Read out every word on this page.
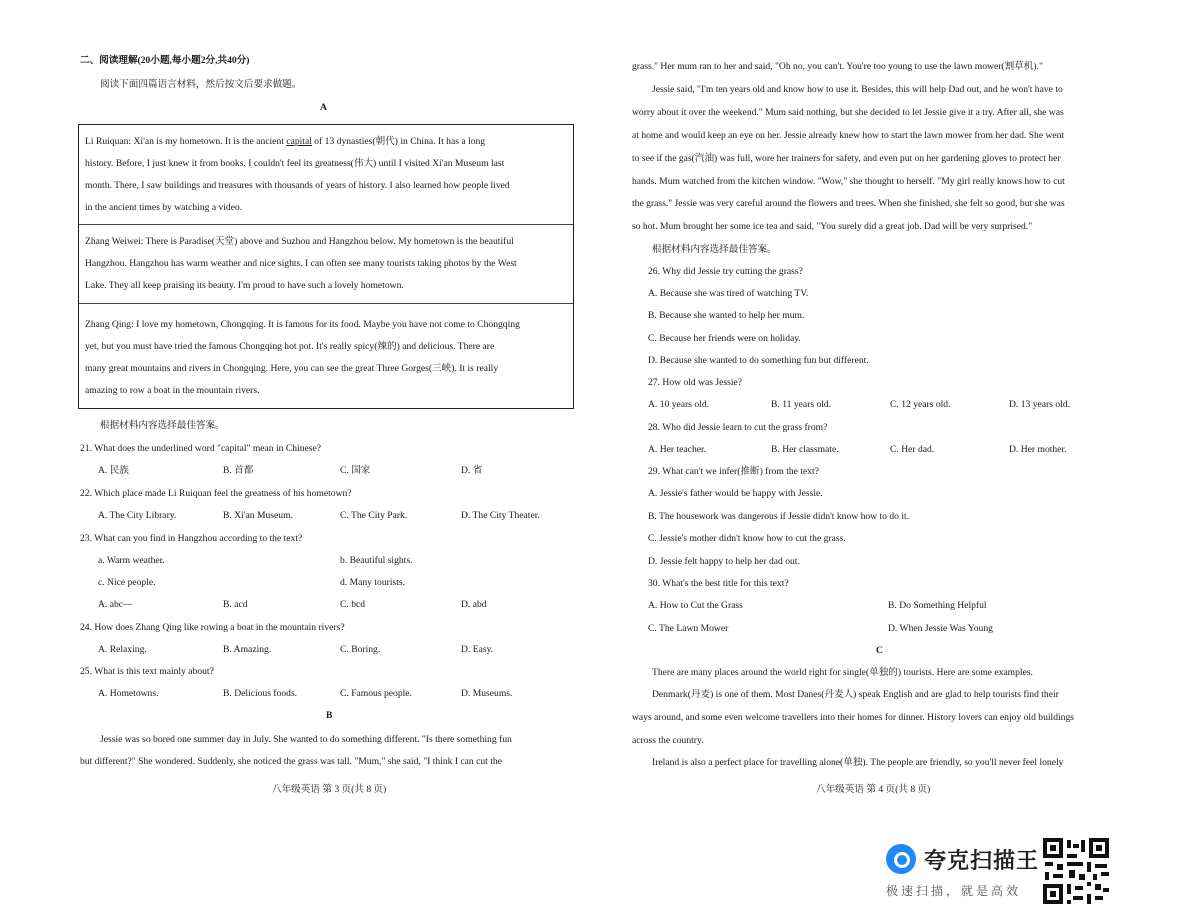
二、阅读理解(20小题,每小题2分,共40分)
阅读下面四篇语言材料，然后按文后要求做题。
A
Li Ruiquan: Xi'an is my hometown. It is the ancient capital of 13 dynasties(朝代) in China. It has a long
history. Before, I just knew it from books. I couldn't feel its greatness(伟大) until I visited Xi'an Museum last
month. There, I saw buildings and treasures with thousands of years of history. I also learned how people lived
in the ancient times by watching a video.
Zhang Weiwei: There is Paradise(天堂) above and Suzhou and Hangzhou below. My hometown is the beautiful
Hangzhou. Hangzhou has warm weather and nice sights. I can often see many tourists taking photos by the West
Lake. They all keep praising its beauty. I'm proud to have such a lovely hometown.
Zhang Qing: I love my hometown, Chongqing. It is famous for its food. Maybe you have not come to Chongqing
yet, but you must have tried the famous Chongqing hot pot. It's really spicy(辣的) and delicious. There are
many great mountains and rivers in Chongqing. Here, you can see the great Three Gorges(三峡). It is really
amazing to row a boat in the mountain rivers.
根据材料内容选择最佳答案。
21. What does the underlined word "capital" mean in Chinese?
A. 民族	B. 首都	C. 国家	D. 省
22. Which place made Li Ruiquan feel the greatness of his hometown?
A. The City Library.	B. Xi'an Museum.	C. The City Park.	D. The City Theater.
23. What can you find in Hangzhou according to the text?
a. Warm weather.	b. Beautiful sights.
c. Nice people.	d. Many tourists.
A. abc—	B. acd	C. bcd	D. abd
24. How does Zhang Qing like rowing a boat in the mountain rivers?
A. Relaxing.	B. Amazing.	C. Boring.	D. Easy.
25. What is this text mainly about?
A. Hometowns.	B. Delicious foods.	C. Famous people.	D. Museums.
B
Jessie was so bored one summer day in July. She wanted to do something different. "Is there something fun
but different?" She wondered. Suddenly, she noticed the grass was tall. "Mum," she said, "I think I can cut the
八年级英语 第 3 页(共 8 页)
grass." Her mum ran to her and said, "Oh no, you can't. You're too young to use the lawn mower(割草机)."
Jessie said, "I'm ten years old and know how to use it. Besides, this will help Dad out, and he won't have to
worry about it over the weekend." Mum said nothing, but she decided to let Jessie give it a try. After all, she was
at home and would keep an eye on her. Jessie already knew how to start the lawn mower from her dad. She went
to see if the gas(汽油) was full, wore her trainers for safety, and even put on her gardening gloves to protect her
hands. Mum watched from the kitchen window. "Wow," she thought to herself. "My girl really knows how to cut
the grass." Jessie was very careful around the flowers and trees. When she finished, she felt so good, but she was
so hot. Mum brought her some ice tea and said, "You surely did a great job. Dad will be very surprised."
根据材料内容选择最佳答案。
26. Why did Jessie try cutting the grass?
A. Because she was tired of watching TV.
B. Because she wanted to help her mum.
C. Because her friends were on holiday.
D. Because she wanted to do something fun but different.
27. How old was Jessie?
A. 10 years old.	B. 11 years old.	C. 12 years old.	D. 13 years old.
28. Who did Jessie learn to cut the grass from?
A. Her teacher.	B. Her classmate.	C. Her dad.	D. Her mother.
29. What can't we infer(推断) from the text?
A. Jessie's father would be happy with Jessie.
B. The housework was dangerous if Jessie didn't know how to do it.
C. Jessie's mother didn't know how to cut the grass.
D. Jessie felt happy to help her dad out.
30. What's the best title for this text?
A. How to Cut the Grass	B. Do Something Helpful
C. The Lawn Mower	D. When Jessie Was Young
C
There are many places around the world right for single(单独的) tourists. Here are some examples.
Denmark(丹麦) is one of them. Most Danes(丹麦人) speak English and are glad to help tourists find their
ways around, and some even welcome travellers into their homes for dinner. History lovers can enjoy old buildings
across the country.
Ireland is also a perfect place for travelling alone(单独). The people are friendly, so you'll never feel lonely
八年级英语 第 4 页(共 8 页)
夸克扫描王
极速扫描，就是高效
